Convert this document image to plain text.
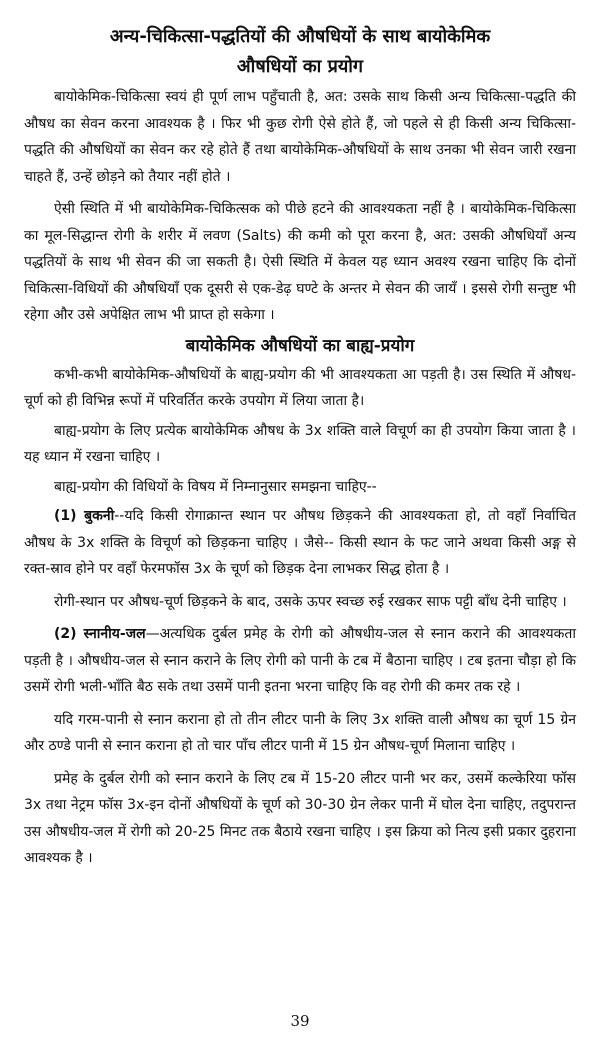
अन्य-चिकित्सा-पद्धतियों की औषधियों के साथ बायोकेमिक
औषधियों का प्रयोग

बायोकेमिक-चिकित्सा स्वयं ही पूर्ण लाभ पहुँचाती है, अत: उसके साथ किसी अन्य चिकित्सा-पद्धति की औषध का सेवन करना आवश्यक है । फिर भी कुछ रोगी ऐसे होते हैं, जो पहले से ही किसी अन्य चिकित्सा-पद्धति की औषधियों का सेवन कर रहे होते हैं तथा बायोकेमिक-औषधियों के साथ उनका भी सेवन जारी रखना चाहते हैं, उन्हें छोड़ने को तैयार नहीं होते ।

ऐसी स्थिति में भी बायोकेमिक-चिकित्सक को पीछे हटने की आवश्यकता नहीं है । बायोकेमिक-चिकित्सा का मूल-सिद्धान्त रोगी के शरीर में लवण (Salts) की कमी को पूरा करना है, अत: उसकी औषधियाँ अन्य पद्धतियों के साथ भी सेवन की जा सकती है। ऐसी स्थिति में केवल यह ध्यान अवश्य रखना चाहिए कि दोनों चिकित्सा-विधियों की औषधियाँ एक दूसरी से एक-डेढ़ घण्टे के अन्तर मे सेवन की जायँ । इससे रोगी सन्तुष्ट भी रहेगा और उसे अपेक्षित लाभ भी प्राप्त हो सकेगा ।

बायोकेमिक औषधियों का बाह्य-प्रयोग

कभी-कभी बायोकेमिक-औषधियों के बाह्य-प्रयोग की भी आवश्यकता आ पड़ती है। उस स्थिति में औषध-चूर्ण को ही विभिन्न रूपों में परिवर्तित करके उपयोग में लिया जाता है।

बाह्य-प्रयोग के लिए प्रत्येक बायोकेमिक औषध के 3x शक्ति वाले विचूर्ण का ही उपयोग किया जाता है । यह ध्यान में रखना चाहिए ।

बाह्य-प्रयोग की विधियों के विषय में निम्नानुसार समझना चाहिए--

(1) बुकनी--यदि किसी रोगाक्रान्त स्थान पर औषध छिड़कने की आवश्यकता हो, तो वहाँ निर्वाचित औषध के 3x शक्ति के विचूर्ण को छिड़कना चाहिए । जैसे-- किसी स्थान के फट जाने अथवा किसी अङ्ग से रक्त-स्राव होने पर वहाँ फेरमफॉस 3x के चूर्ण को छिड़क देना लाभकर सिद्ध होता है ।

रोगी-स्थान पर औषध-चूर्ण छिड़कने के बाद, उसके ऊपर स्वच्छ रुई रखकर साफ पट्टी बाँध देनी चाहिए ।

(2) स्नानीय-जल—अत्यधिक दुर्बल प्रमेह के रोगी को औषधीय-जल से स्नान कराने की आवश्यकता पड़ती है । औषधीय-जल से स्नान कराने के लिए रोगी को पानी के टब में बैठाना चाहिए । टब इतना चौड़ा हो कि उसमें रोगी भली-भाँति बैठ सके तथा उसमें पानी इतना भरना चाहिए कि वह रोगी की कमर तक रहे ।

यदि गरम-पानी से स्नान कराना हो तो तीन लीटर पानी के लिए 3x शक्ति वाली औषध का चूर्ण 15 ग्रेन और ठण्डे पानी से स्नान कराना हो तो चार पाँच लीटर पानी में 15 ग्रेन औषध-चूर्ण मिलाना चाहिए ।

प्रमेह के दुर्बल रोगी को स्नान कराने के लिए टब में 15-20 लीटर पानी भर कर, उसमें कल्केरिया फॉस 3x तथा नेट्रम फॉस 3x-इन दोनों औषधियों के चूर्ण को 30-30 ग्रेन लेकर पानी में घोल देना चाहिए, तदुपरान्त उस औषधीय-जल में रोगी को 20-25 मिनट तक बैठाये रखना चाहिए । इस क्रिया को नित्य इसी प्रकार दुहराना आवश्यक है ।

39
